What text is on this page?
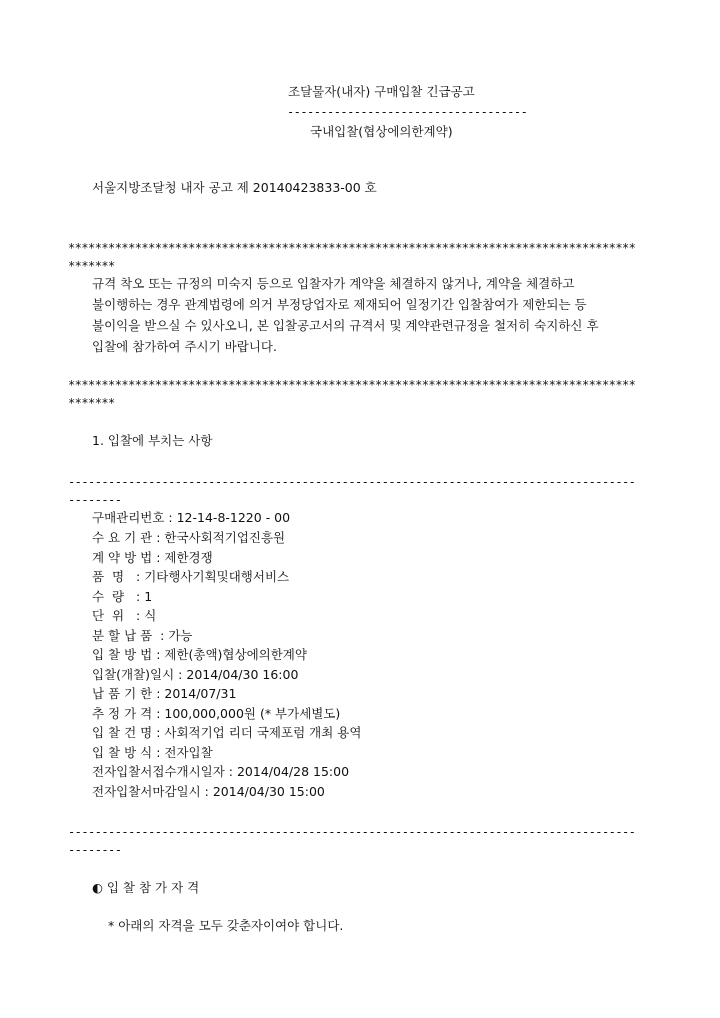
조달물자(내자) 구매입찰 긴급공고
------------------------------------
국내입찰(협상에의한계약)
서울지방조달청 내자 공고 제 20140423833-00 호
*************************************************************************************
*******
규격 착오 또는 규정의 미숙지 등으로 입찰자가 계약을 체결하지 않거나, 계약을 체결하고
불이행하는 경우 관계법령에 의거 부정당업자로 제재되어 일정기간 입찰참여가 제한되는 등
불이익을 받으실 수 있사오니, 본 입찰공고서의 규격서 및 계약관련규정을 철저히 숙지하신 후
입찰에 참가하여 주시기 바랍니다.
*************************************************************************************
*******
1. 입찰에 부치는 사항
-------------------------------------------------------------------------------------
--------
구매관리번호 : 12-14-8-1220 - 00
수 요 기 관 : 한국사회적기업진흥원
계 약 방 법 : 제한경쟁
품  명   : 기타행사기획및대행서비스
수  량   : 1
단  위   : 식
분 할 납 품  : 가능
입 찰 방 법 : 제한(총액)협상에의한계약
입찰(개찰)일시 : 2014/04/30 16:00
납 품 기 한 : 2014/07/31
추 정 가 격 : 100,000,000원 (* 부가세별도)
입 찰 건 명 : 사회적기업 리더 국제포럼 개최 용역
입 찰 방 식 : 전자입찰
전자입찰서접수개시일자 : 2014/04/28 15:00
전자입찰서마감일시 : 2014/04/30 15:00
-------------------------------------------------------------------------------------
--------
◐ 입 찰 참 가 자 격
* 아래의 자격을 모두 갖춘자이여야 합니다.
